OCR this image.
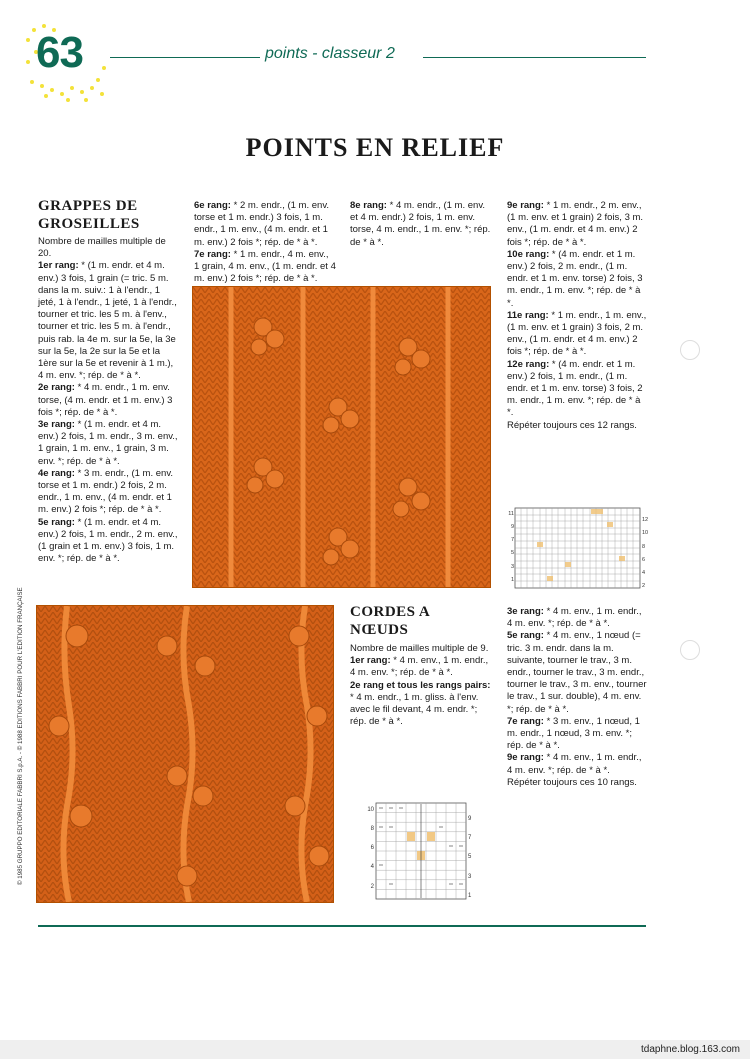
63	points - classeur 2
POINTS EN RELIEF
GRAPPES DE
GROSEILLES

Nombre de mailles multiple de 20.

1er rang: * (1 m. endr. et 4 m. env.) 3 fois, 1 grain (= tric. 5 m. dans la m. suiv.: 1 à l'endr., 1 jeté, 1 à l'endr., 1 jeté, 1 à l'endr., tourner et tric. les 5 m. à l'env., tourner et tric. les 5 m. à l'endr., puis rab. la 4e m. sur la 5e, la 3e sur la 5e, la 2e sur la 5e et la 1ère sur la 5e et revenir à 1 m.), 4 m. env. *; rép. de * à *.

2e rang: * 4 m. endr., 1 m. env. torse, (4 m. endr. et 1 m. env.) 3 fois *; rép. de * à *.

3e rang: * (1 m. endr. et 4 m. env.) 2 fois, 1 m. endr., 3 m. env., 1 grain, 1 m. env., 1 grain, 3 m. env. *; rép. de * à *.

4e rang: * 3 m. endr., (1 m. env. torse et 1 m. endr.) 2 fois, 2 m. endr., 1 m. env., (4 m. endr. et 1 m. env.) 2 fois *; rép. de * à *.

5e rang: * (1 m. endr. et 4 m. env.) 2 fois, 1 m. endr., 2 m. env., (1 grain et 1 m. env.) 3 fois, 1 m. env. *; rép. de * à *.

6e rang: * 2 m. endr., (1 m. env. torse et 1 m. endr.) 3 fois, 1 m. endr., 1 m. env., (4 m. endr. et 1 m. env.) 2 fois *; rép. de * à *.

7e rang: * 1 m. endr., 4 m. env., 1 grain, 4 m. env., (1 m. endr. et 4 m. env.) 2 fois *; rép. de * à *.

8e rang: * 4 m. endr., (1 m. env. et 4 m. endr.) 2 fois, 1 m. env. torse, 4 m. endr., 1 m. env. *; rép. de * à *.

9e rang: * 1 m. endr., 2 m. env., (1 m. env. et 1 grain) 2 fois, 3 m. env., (1 m. endr. et 4 m. env.) 2 fois *; rép. de * à *.

10e rang: * (4 m. endr. et 1 m. env.) 2 fois, 2 m. endr., (1 m. endr. et 1 m. env. torse) 2 fois, 3 m. endr., 1 m. env. *; rép. de * à *.

11e rang: * 1 m. endr., 1 m. env., (1 m. env. et 1 grain) 3 fois, 2 m. env., (1 m. endr. et 4 m. env.) 2 fois *; rép. de * à *.

12e rang: * (4 m. endr. et 1 m. env.) 2 fois, 1 m. endr., (1 m. endr. et 1 m. env. torse) 3 fois, 2 m. endr., 1 m. env. *; rép. de * à *.

Répéter toujours ces 12 rangs.

11
9
7
5
3
1
12
10
8
6
4
2
CORDES A
NŒUDS

Nombre de mailles multiple de 9.

1er rang: * 4 m. env., 1 m. endr., 4 m. env. *; rép. de * à *.

2e rang et tous les rangs pairs: * 4 m. endr., 1 m. gliss. à l'env. avec le fil devant, 4 m. endr. *; rép. de * à *.

3e rang: * 4 m. env., 1 m. endr., 4 m. env. *; rép. de * à *.

5e rang: * 4 m. env., 1 nœud (= tric. 3 m. endr. dans la m. suivante, tourner le trav., 3 m. endr., tourner le trav., 3 m. endr., tourner le trav., 3 m. env., tourner le trav., 1 sur. double), 4 m. env. *; rép. de * à *.

7e rang: * 3 m. env., 1 nœud, 1 m. endr., 1 nœud, 3 m. env. *; rép. de * à *.

9e rang: * 4 m. env., 1 m. endr., 4 m. env. *; rép. de * à *.

Répéter toujours ces 10 rangs.

10
8
6
4
2
9
7
5
3
1
© 1985 GRUPPO EDITORIALE FABBRI S.p.A. - © 1988 EDITIONS FABBRI POUR L'EDITION FRANÇAISE
tdaphne.blog.163.com
